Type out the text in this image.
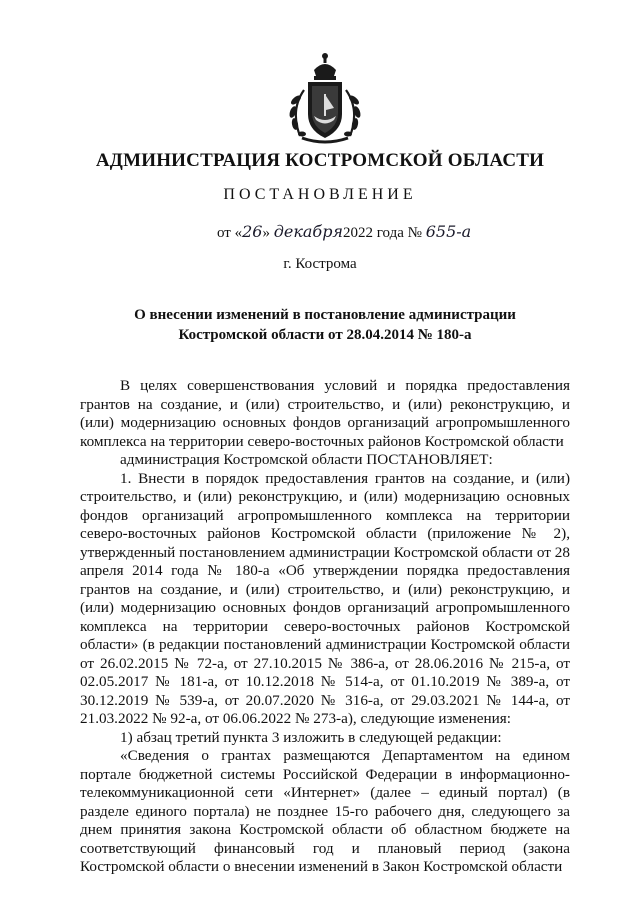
АДМИНИСТРАЦИЯ КОСТРОМСКОЙ ОБЛАСТИ
ПОСТАНОВЛЕНИЕ
от «26» декабря2022 года № 655-а
г. Кострома
О внесении изменений в постановление администрации
Костромской области от 28.04.2014 № 180-а

В целях совершенствования условий и порядка предоставления грантов на создание, и (или) строительство, и (или) реконструкцию, и (или) модернизацию основных фондов организаций агропромышленного комплекса на территории северо-восточных районов Костромской области

администрация Костромской области ПОСТАНОВЛЯЕТ:

1. Внести в порядок предоставления грантов на создание, и (или) строительство, и (или) реконструкцию, и (или) модернизацию основных фондов организаций агропромышленного комплекса на территории северо-восточных районов Костромской области (приложение № 2), утвержденный постановлением администрации Костромской области от 28 апреля 2014 года № 180-а «Об утверждении порядка предоставления грантов на создание, и (или) строительство, и (или) реконструкцию, и (или) модернизацию основных фондов организаций агропромышленного комплекса на территории северо-восточных районов Костромской области» (в редакции постановлений администрации Костромской области от 26.02.2015 № 72-а, от 27.10.2015 № 386-а, от 28.06.2016 № 215-а, от 02.05.2017 № 181-а, от 10.12.2018 № 514-а, от 01.10.2019 № 389-а, от 30.12.2019 № 539-а, от 20.07.2020 № 316-а, от 29.03.2021 № 144-а, от 21.03.2022 № 92-а, от 06.06.2022 № 273-а), следующие изменения:

1) абзац третий пункта 3 изложить в следующей редакции:

«Сведения о грантах размещаются Департаментом на едином портале бюджетной системы Российской Федерации в информационно-телекоммуникационной сети «Интернет» (далее – единый портал) (в разделе единого портала) не позднее 15-го рабочего дня, следующего за днем принятия закона Костромской области об областном бюджете на соответствующий финансовый год и плановый период (закона Костромской области о внесении изменений в Закон Костромской области
